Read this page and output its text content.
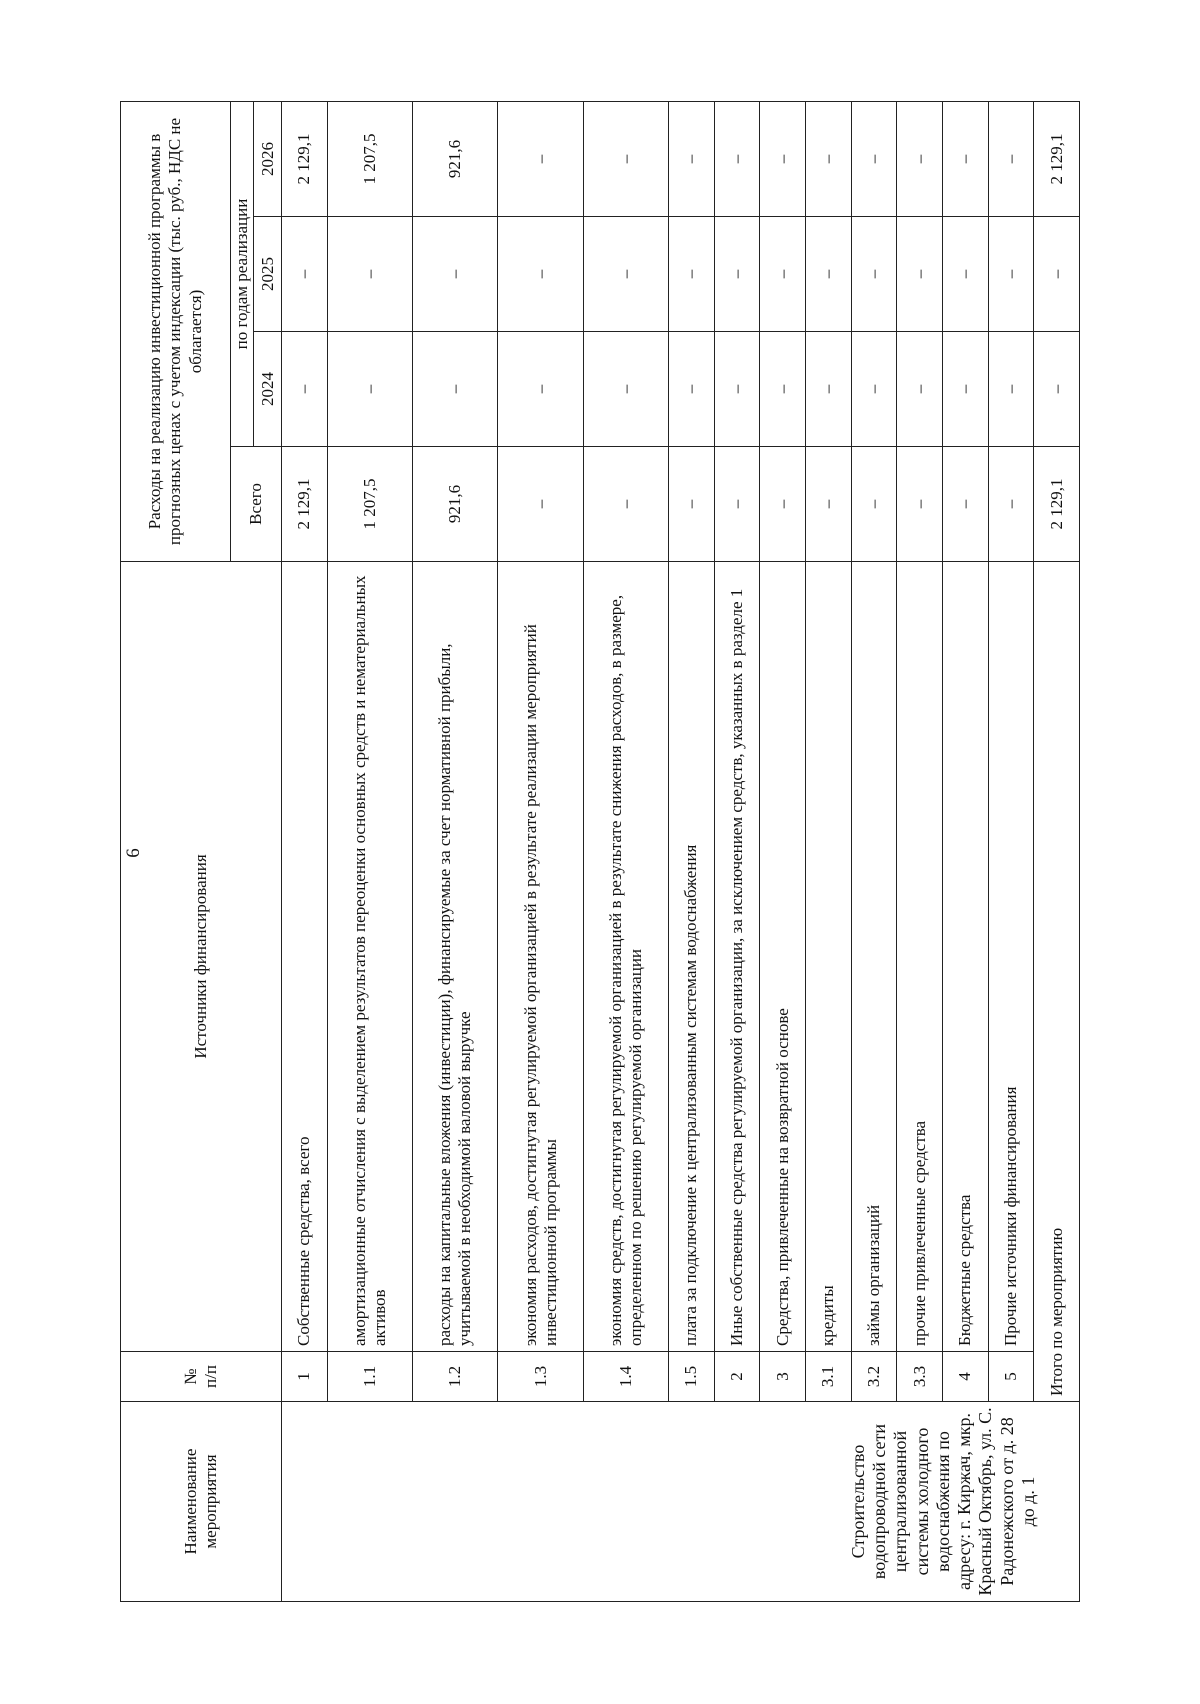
6
Наименование мероприятия	№
п/п	Источники финансирования	Расходы на реализацию инвестиционной программы в прогнозных ценах с учетом индексации (тыс. руб., НДС не облагается)			
			Всего	по годам реализации		
				2024	2025	2026
Строительство водопроводной сети централизованной системы холодного водоснабжения по адресу: г. Киржач, мкр. Красный Октябрь, ул. С. Радонежского от д. 28 до д. 1	1	Собственные средства, всего	2 129,1	–	–	2 129,1
	1.1	амортизационные отчисления с выделением результатов переоценки основных средств и нематериальных активов	1 207,5	–	–	1 207,5
	1.2	расходы на капитальные вложения (инвестиции), финансируемые за счет нормативной прибыли, учитываемой в необходимой валовой выручке	921,6	–	–	921,6
	1.3	экономия расходов, достигнутая регулируемой организацией в результате реализации мероприятий инвестиционной программы	–	–	–	–
	1.4	экономия средств, достигнутая регулируемой организацией в результате снижения расходов, в размере, определенном по решению регулируемой организации	–	–	–	–
	1.5	плата за подключение к централизованным системам водоснабжения	–	–	–	–
	2	Иные собственные средства регулируемой организации, за исключением средств, указанных в разделе 1	–	–	–	–
	3	Средства, привлеченные на возвратной основе	–	–	–	–
	3.1	кредиты	–	–	–	–
	3.2	займы организаций	–	–	–	–
	3.3	прочие привлеченные средства	–	–	–	–
	4	Бюджетные средства	–	–	–	–
	5	Прочие источники финансирования	–	–	–	–
	Итого по мероприятию		2 129,1	–	–	2 129,1
